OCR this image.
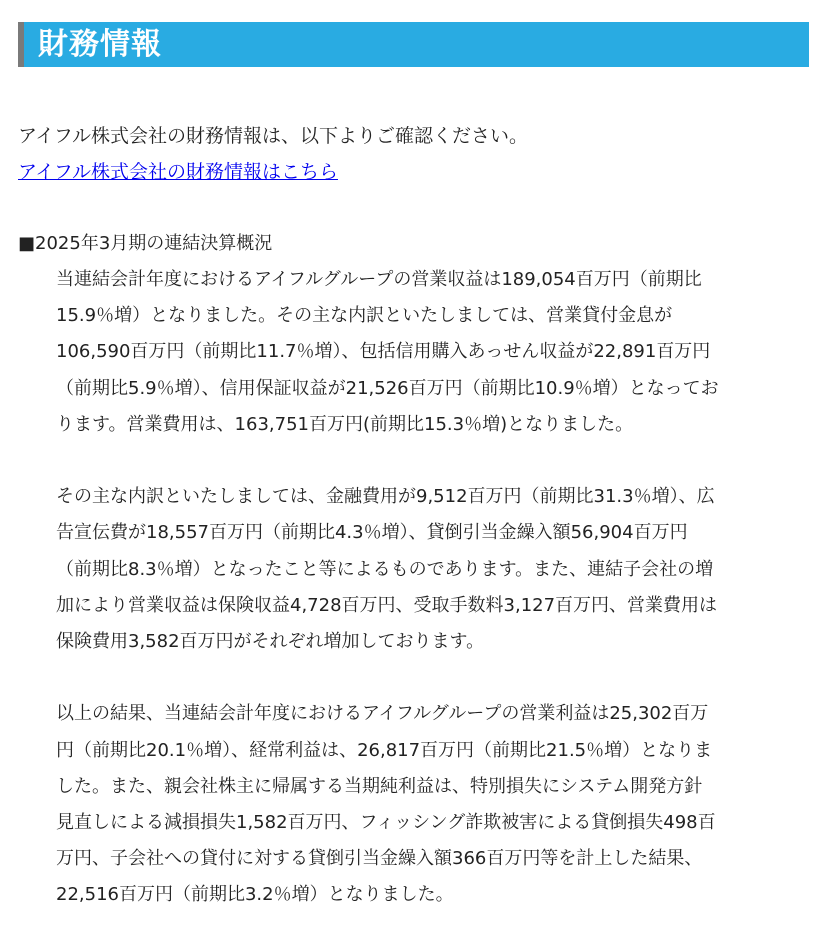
財務情報

アイフル株式会社の財務情報は、以下よりご確認ください。

アイフル株式会社の財務情報はこちら

■2025年3月期の連結決算概況

当連結会計年度におけるアイフルグループの営業収益は189,054百万円（前期比
15.9％増）となりました。その主な内訳といたしましては、営業貸付金息が
106,590百万円（前期比11.7％増）、包括信用購入あっせん収益が22,891百万円
（前期比5.9％増）、信用保証収益が21,526百万円（前期比10.9％増）となってお
ります。営業費用は、163,751百万円(前期比15.3％増)となりました。

その主な内訳といたしましては、金融費用が9,512百万円（前期比31.3％増）、広
告宣伝費が18,557百万円（前期比4.3％増）、貸倒引当金繰入額56,904百万円
（前期比8.3％増）となったこと等によるものであります。また、連結子会社の増
加により営業収益は保険収益4,728百万円、受取手数料3,127百万円、営業費用は
保険費用3,582百万円がそれぞれ増加しております。

以上の結果、当連結会計年度におけるアイフルグループの営業利益は25,302百万
円（前期比20.1％増）、経常利益は、26,817百万円（前期比21.5％増）となりま
した。また、親会社株主に帰属する当期純利益は、特別損失にシステム開発方針
見直しによる減損損失1,582百万円、フィッシング詐欺被害による貸倒損失498百
万円、子会社への貸付に対する貸倒引当金繰入額366百万円等を計上した結果、
22,516百万円（前期比3.2％増）となりました。
